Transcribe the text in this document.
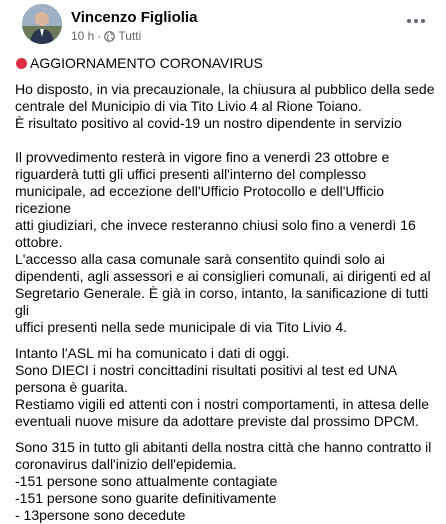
Vincenzo Figliolia
10 h · Tutti

AGGIORNAMENTO CORONAVIRUS

Ho disposto, in via precauzionale, la chiusura al pubblico della sede

centrale del Municipio di via Tito Livio 4 al Rione Toiano.

È risultato positivo al covid-19 un nostro dipendente in servizio

Il provvedimento resterà in vigore fino a venerdì 23 ottobre e

riguarderà tutti gli uffici presenti all'interno del complesso

municipale, ad eccezione dell'Ufficio Protocollo e dell'Ufficio ricezione

atti giudiziari, che invece resteranno chiusi solo fino a venerdì 16

ottobre.

L'accesso alla casa comunale sarà consentito quindi solo ai

dipendenti, agli assessori e ai consiglieri comunali, ai dirigenti ed al

Segretario Generale. È già in corso, intanto, la sanificazione di tutti gli

uffici presenti nella sede municipale di via Tito Livio 4.

Intanto l'ASL mi ha comunicato i dati di oggi.

Sono DIECI i nostri concittadini risultati positivi al test ed UNA

persona è guarita.

Restiamo vigili ed attenti con i nostri comportamenti, in attesa delle

eventuali nuove misure da adottare previste dal prossimo DPCM.

Sono 315 in tutto gli abitanti della nostra città che hanno contratto il

coronavirus dall'inizio dell'epidemia.

-151 persone sono attualmente contagiate

-151 persone sono guarite definitivamente

- 13persone sono decedute
